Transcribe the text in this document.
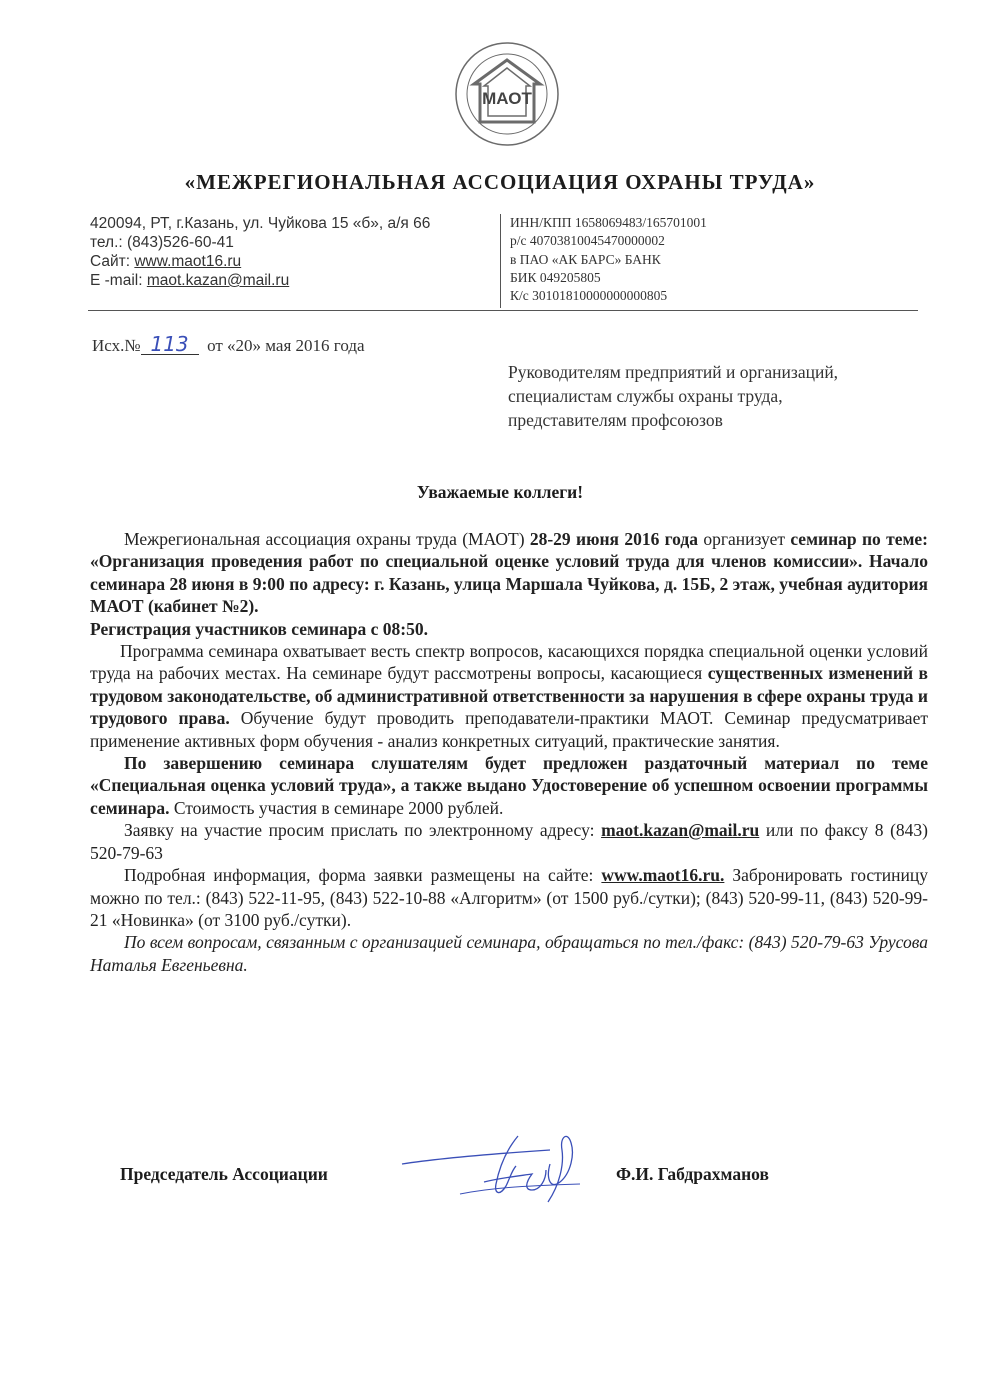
МАОТ
«МЕЖРЕГИОНАЛЬНАЯ АССОЦИАЦИЯ ОХРАНЫ ТРУДА»
420094, РТ, г.Казань, ул. Чуйкова 15 «б», а/я 66
тел.: (843)526-60-41
Сайт: www.maot16.ru
E -mail: maot.kazan@mail.ru
ИНН/КПП 1658069483/165701001
р/с 40703810045470000002
в ПАО «АК БАРС» БАНК
БИК 049205805
К/с 30101810000000000805
Исх.№ 113 от «20» мая 2016 года
Руководителям предприятий и организаций,
специалистам службы охраны труда,
представителям профсоюзов
Уважаемые коллеги!

Межрегиональная ассоциация охраны труда (МАОТ) 28-29 июня 2016 года организует семинар по теме: «Организация проведения работ по специальной оценке условий труда для членов комиссии». Начало семинара 28 июня в 9:00 по адресу: г. Казань, улица Маршала Чуйкова, д. 15Б, 2 этаж, учебная аудитория МАОТ (кабинет №2).

Регистрация участников семинара с 08:50.

Программа семинара охватывает весть спектр вопросов, касающихся порядка специальной оценки условий труда на рабочих местах. На семинаре будут рассмотрены вопросы, касающиеся существенных изменений в трудовом законодательстве, об административной ответственности за нарушения в сфере охраны труда и трудового права. Обучение будут проводить преподаватели-практики МАОТ. Семинар предусматривает применение активных форм обучения - анализ конкретных ситуаций, практические занятия.

По завершению семинара слушателям будет предложен раздаточный материал по теме «Специальная оценка условий труда», а также выдано Удостоверение об успешном освоении программы семинара. Стоимость участия в семинаре 2000 рублей.

Заявку на участие просим прислать по электронному адресу: maot.kazan@mail.ru или по факсу 8 (843) 520-79-63

Подробная информация, форма заявки размещены на сайте: www.maot16.ru. Забронировать гостиницу можно по тел.: (843) 522-11-95, (843) 522-10-88 «Алгоритм» (от 1500 руб./сутки); (843) 520-99-11, (843) 520-99-21 «Новинка» (от 3100 руб./сутки).

По всем вопросам, связанным с организацией семинара, обращаться по тел./факс: (843) 520-79-63 Урусова Наталья Евгеньевна.

Председатель Ассоциации	Ф.И. Габдрахманов
